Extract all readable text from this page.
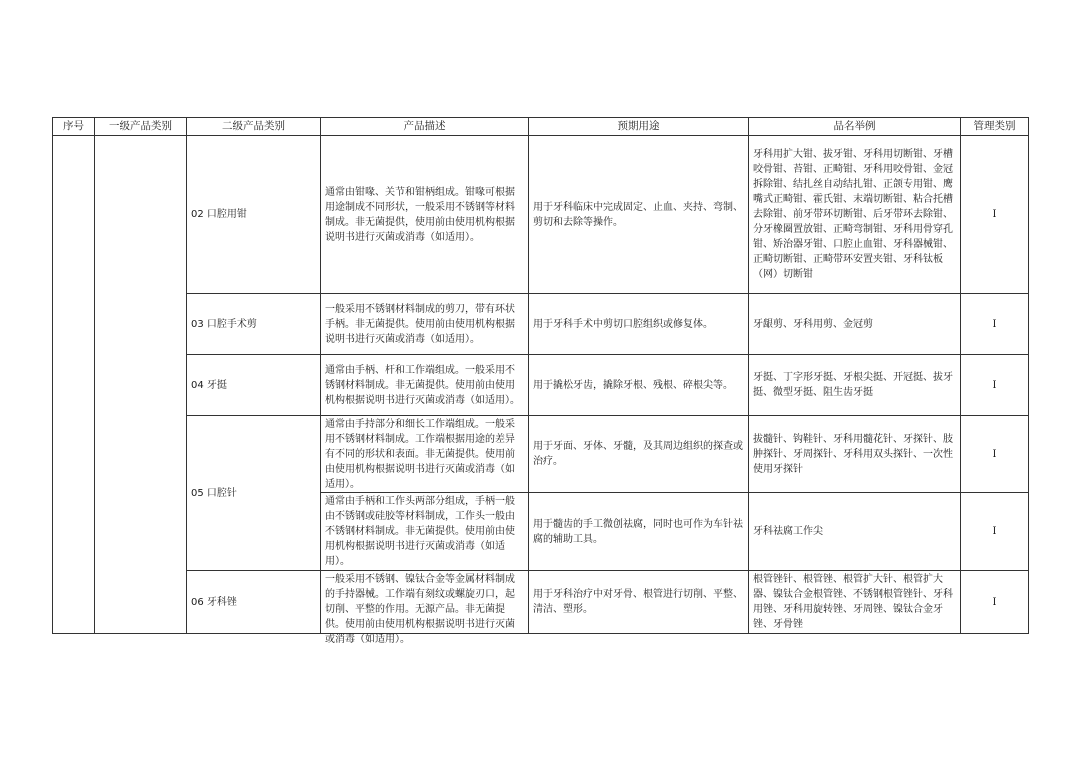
序号	一级产品类别	二级产品类别	产品描述	预期用途	品名举例	管理类别
		02 口腔用钳	通常由钳喙、关节和钳柄组成。钳喙可根据用途制成不同形状，一般采用不锈钢等材料制成。非无菌提供，使用前由使用机构根据说明书进行灭菌或消毒（如适用）。	用于牙科临床中完成固定、止血、夹持、弯制、剪切和去除等操作。	牙科用扩大钳、拔牙钳、牙科用切断钳、牙槽咬骨钳、苔钳、正畸钳、牙科用咬骨钳、金冠拆除钳、结扎丝自动结扎钳、正颌专用钳、鹰嘴式正畸钳、霍氏钳、末端切断钳、粘合托槽去除钳、前牙带环切断钳、后牙带环去除钳、分牙橡圈置放钳、正畸弯制钳、牙科用骨穿孔钳、矫治器牙钳、口腔止血钳、牙科器械钳、正畸切断钳、正畸带环安置夹钳、牙科钛板（网）切断钳	I
		03 口腔手术剪	一般采用不锈钢材料制成的剪刀，带有环状手柄。非无菌提供。使用前由使用机构根据说明书进行灭菌或消毒（如适用）。	用于牙科手术中剪切口腔组织或修复体。	牙龈剪、牙科用剪、金冠剪	I
		04 牙挺	通常由手柄、杆和工作端组成。一般采用不锈钢材料制成。非无菌提供。使用前由使用机构根据说明书进行灭菌或消毒（如适用）。	用于撬松牙齿，撬除牙根、残根、碎根尖等。	牙挺、丁字形牙挺、牙根尖挺、开冠挺、拔牙挺、微型牙挺、阻生齿牙挺	I
		05 口腔针	通常由手持部分和细长工作端组成。一般采用不锈钢材料制成。工作端根据用途的差异有不同的形状和表面。非无菌提供。使用前由使用机构根据说明书进行灭菌或消毒（如适用）。	用于牙面、牙体、牙髓，及其周边组织的探查或治疗。	拔髓针、钩鞋针、牙科用髓花针、牙探针、肢肿探针、牙周探针、牙科用双头探针、一次性使用牙探针	I
			通常由手柄和工作头两部分组成，手柄一般由不锈钢或硅胶等材料制成，工作头一般由不锈钢材料制成。非无菌提供。使用前由使用机构根据说明书进行灭菌或消毒（如适用）。	用于髓齿的手工微创祛腐，同时也可作为车针祛腐的辅助工具。	牙科祛腐工作尖	I
		06 牙科锉	一般采用不锈钢、镍钛合金等金属材料制成的手持器械。工作端有刻纹或螺旋刃口，起切削、平整的作用。无源产品。非无菌提供。使用前由使用机构根据说明书进行灭菌或消毒（如适用）。	用于牙科治疗中对牙骨、根管进行切削、平整、清洁、塑形。	根管锉针、根管锉、根管扩大针、根管扩大器、镍钛合金根管锉、不锈钢根管锉针、牙科用锉、牙科用旋转锉、牙周锉、镍钛合金牙锉、牙骨锉	I
